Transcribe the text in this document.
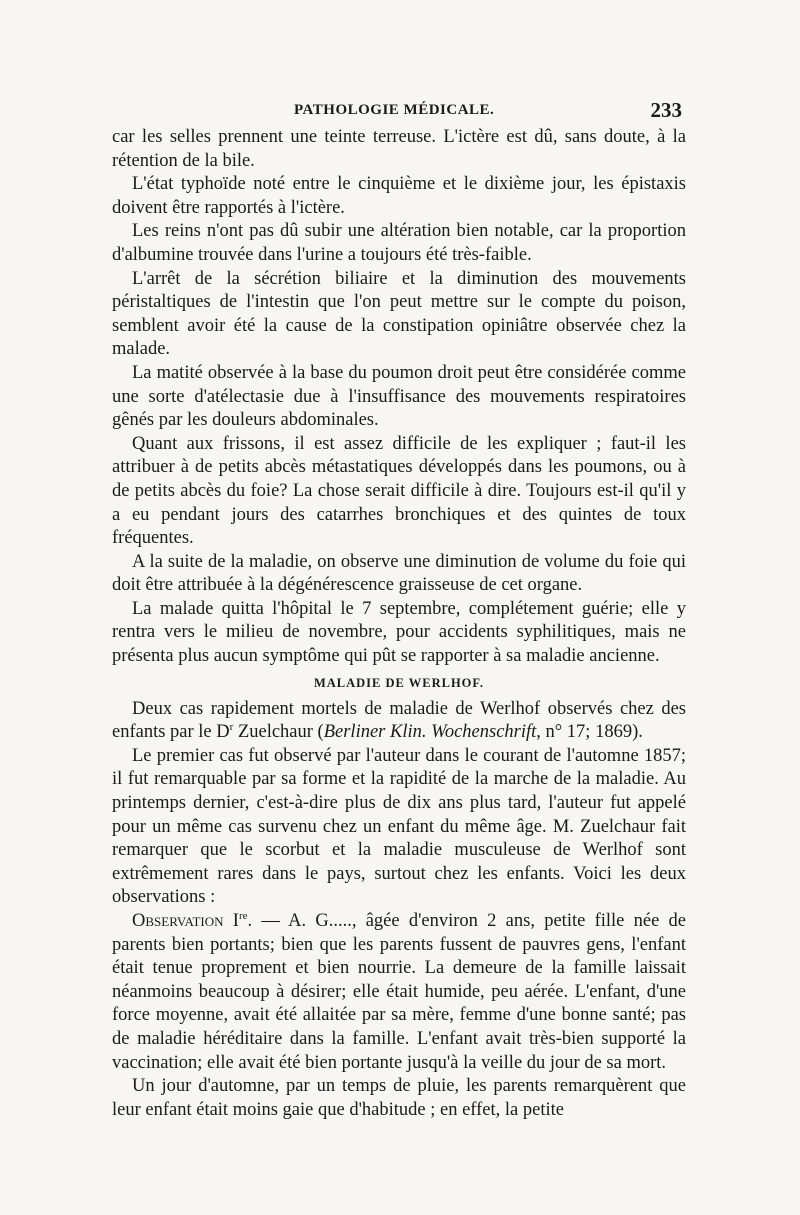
PATHOLOGIE MÉDICALE.	233

car les selles prennent une teinte terreuse. L'ictère est dû, sans doute, à la rétention de la bile.

L'état typhoïde noté entre le cinquième et le dixième jour, les épistaxis doivent être rapportés à l'ictère.

Les reins n'ont pas dû subir une altération bien notable, car la proportion d'albumine trouvée dans l'urine a toujours été très-faible.

L'arrêt de la sécrétion biliaire et la diminution des mouvements péristaltiques de l'intestin que l'on peut mettre sur le compte du poison, semblent avoir été la cause de la constipation opiniâtre observée chez la malade.

La matité observée à la base du poumon droit peut être considérée comme une sorte d'atélectasie due à l'insuffisance des mouvements respiratoires gênés par les douleurs abdominales.

Quant aux frissons, il est assez difficile de les expliquer ; faut-il les attribuer à de petits abcès métastatiques développés dans les poumons, ou à de petits abcès du foie? La chose serait difficile à dire. Toujours est-il qu'il y a eu pendant jours des catarrhes bronchiques et des quintes de toux fréquentes.

A la suite de la maladie, on observe une diminution de volume du foie qui doit être attribuée à la dégénérescence graisseuse de cet organe.

La malade quitta l'hôpital le 7 septembre, complétement guérie; elle y rentra vers le milieu de novembre, pour accidents syphilitiques, mais ne présenta plus aucun symptôme qui pût se rapporter à sa maladie ancienne.

MALADIE DE WERLHOF.

Deux cas rapidement mortels de maladie de Werlhof observés chez des enfants par le $D^r$ Zuelchaur (Berliner Klin. Wochenschrift, n° 17; 1869).

Le premier cas fut observé par l'auteur dans le courant de l'automne 1857; il fut remarquable par sa forme et la rapidité de la marche de la maladie. Au printemps dernier, c'est-à-dire plus de dix ans plus tard, l'auteur fut appelé pour un même cas survenu chez un enfant du même âge. M. Zuelchaur fait remarquer que le scorbut et la maladie musculeuse de Werlhof sont extrêmement rares dans le pays, surtout chez les enfants. Voici les deux observations :

Observation Ire. — A. G....., âgée d'environ 2 ans, petite fille née de parents bien portants; bien que les parents fussent de pauvres gens, l'enfant était tenue proprement et bien nourrie. La demeure de la famille laissait néanmoins beaucoup à désirer; elle était humide, peu aérée. L'enfant, d'une force moyenne, avait été allaitée par sa mère, femme d'une bonne santé; pas de maladie héréditaire dans la famille. L'enfant avait très-bien supporté la vaccination; elle avait été bien portante jusqu'à la veille du jour de sa mort.

Un jour d'automne, par un temps de pluie, les parents remarquèrent que leur enfant était moins gaie que d'habitude ; en effet, la petite
